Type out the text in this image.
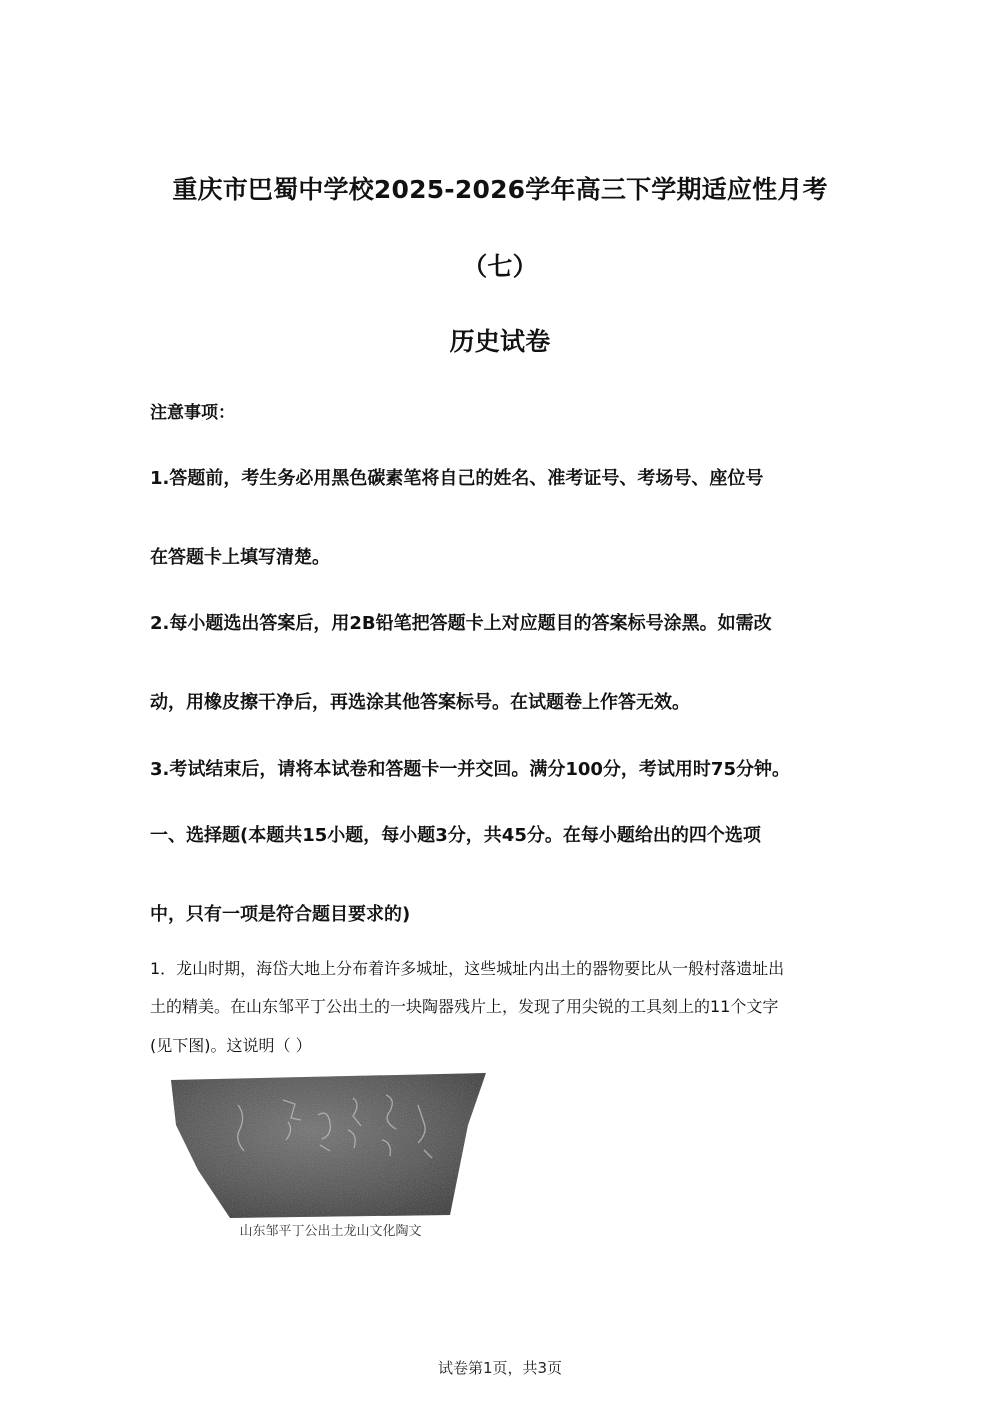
重庆市巴蜀中学校2025-2026学年高三下学期适应性月考
（七）
历史试卷
注意事项：
1.答题前，考生务必用黑色碳素笔将自己的姓名、准考证号、考场号、座位号
在答题卡上填写清楚。
2.每小题选出答案后，用2B铅笔把答题卡上对应题目的答案标号涂黑。如需改
动，用橡皮擦干净后，再选涂其他答案标号。在试题卷上作答无效。
3.考试结束后，请将本试卷和答题卡一并交回。满分100分，考试用时75分钟。
一、选择题(本题共15小题，每小题3分，共45分。在每小题给出的四个选项
中，只有一项是符合题目要求的)
1．龙山时期，海岱大地上分布着许多城址，这些城址内出土的器物要比从一般村落遗址出
土的精美。在山东邹平丁公出土的一块陶器残片上，发现了用尖锐的工具刻上的11个文字
(见下图)。这说明（ ）
山东邹平丁公出土龙山文化陶文
试卷第1页，共3页
